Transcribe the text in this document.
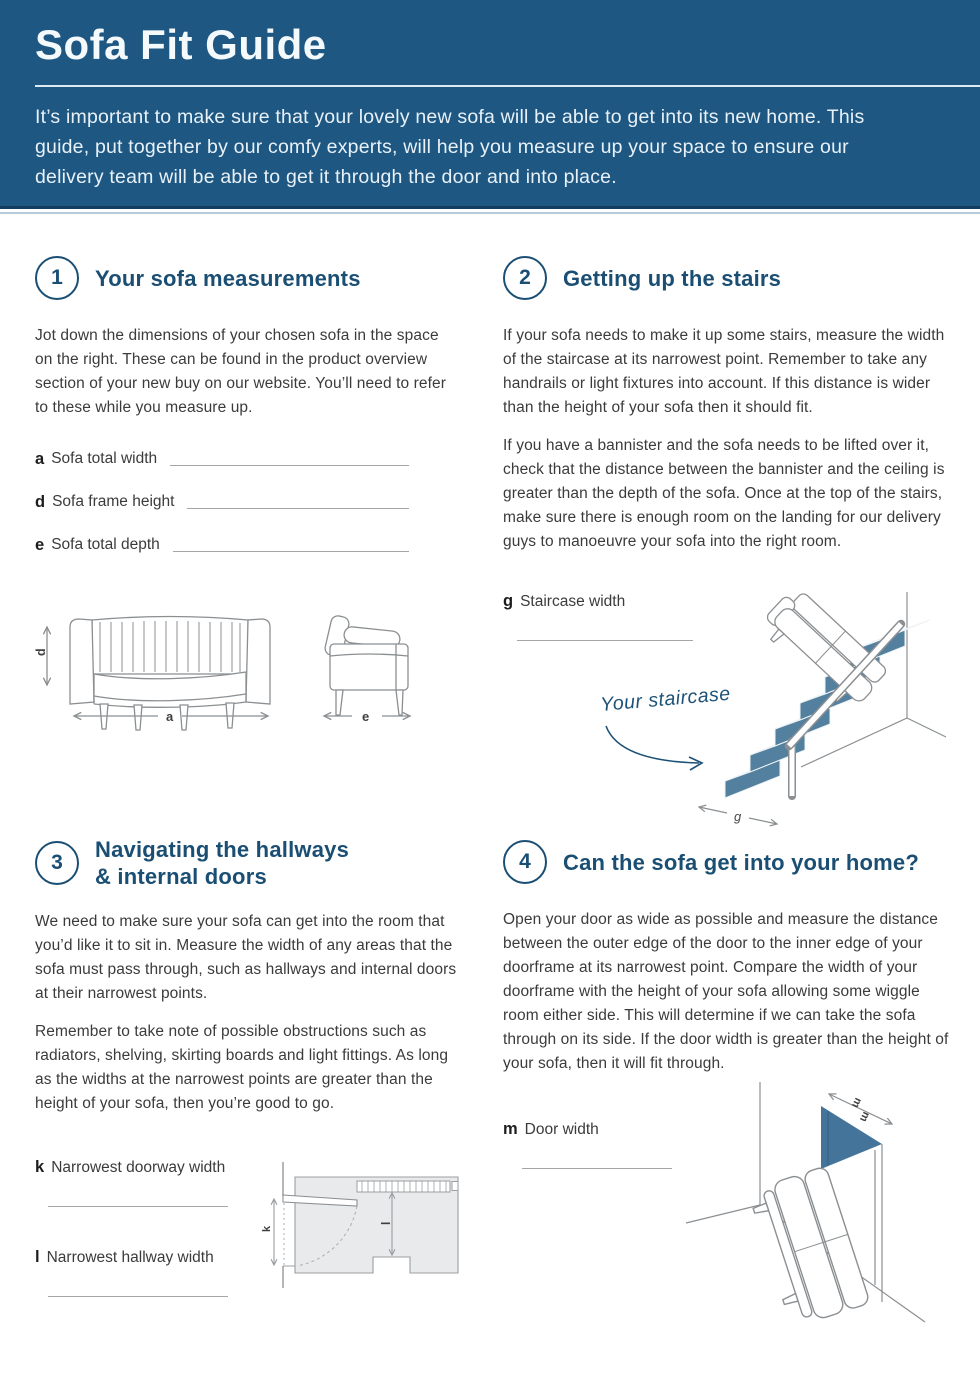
Sofa Fit Guide
It’s important to make sure that your lovely new sofa will be able to get into its new home. This guide, put together by our comfy experts, will help you measure up your space to ensure our delivery team will be able to get it through the door and into place.
1 Your sofa measurements

Jot down the dimensions of your chosen sofa in the space on the right. These can be found in the product overview section of your new buy on our website. You’ll need to refer to these while you measure up.

a Sofa total width
d Sofa frame height
e Sofa total depth
d
a	e
2 Getting up the stairs

If your sofa needs to make it up some stairs, measure the width of the staircase at its narrowest point. Remember to take any handrails or light fixtures into account. If this distance is wider than the height of your sofa then it should fit.

If you have a bannister and the sofa needs to be lifted over it, check that the distance between the bannister and the ceiling is greater than the depth of the sofa. Once at the top of the stairs, make sure there is enough room on the landing for our delivery guys to manoeuvre your sofa into the right room.

g
Your staircase
g Staircase width
3
Navigating the hallways
& internal doors

We need to make sure your sofa can get into the room that you’d like it to sit in. Measure the width of any areas that the sofa must pass through, such as hallways and internal doors at their narrowest points.

Remember to take note of possible obstructions such as radiators, shelving, skirting boards and light fittings. As long as the widths at the narrowest points are greater than the height of your sofa, then you’re good to go.

k Narrowest doorway width
l Narrowest hallway width
k
l
4 Can the sofa get into your home?

Open your door as wide as possible and measure the distance between the outer edge of the door to the inner edge of your doorframe at its narrowest point. Compare the width of your doorframe with the height of your sofa allowing some wiggle room either side. This will determine if we can take the sofa through on its side. If the door width is greater than the height of your sofa, then it will fit through.

m Door width
m
m
